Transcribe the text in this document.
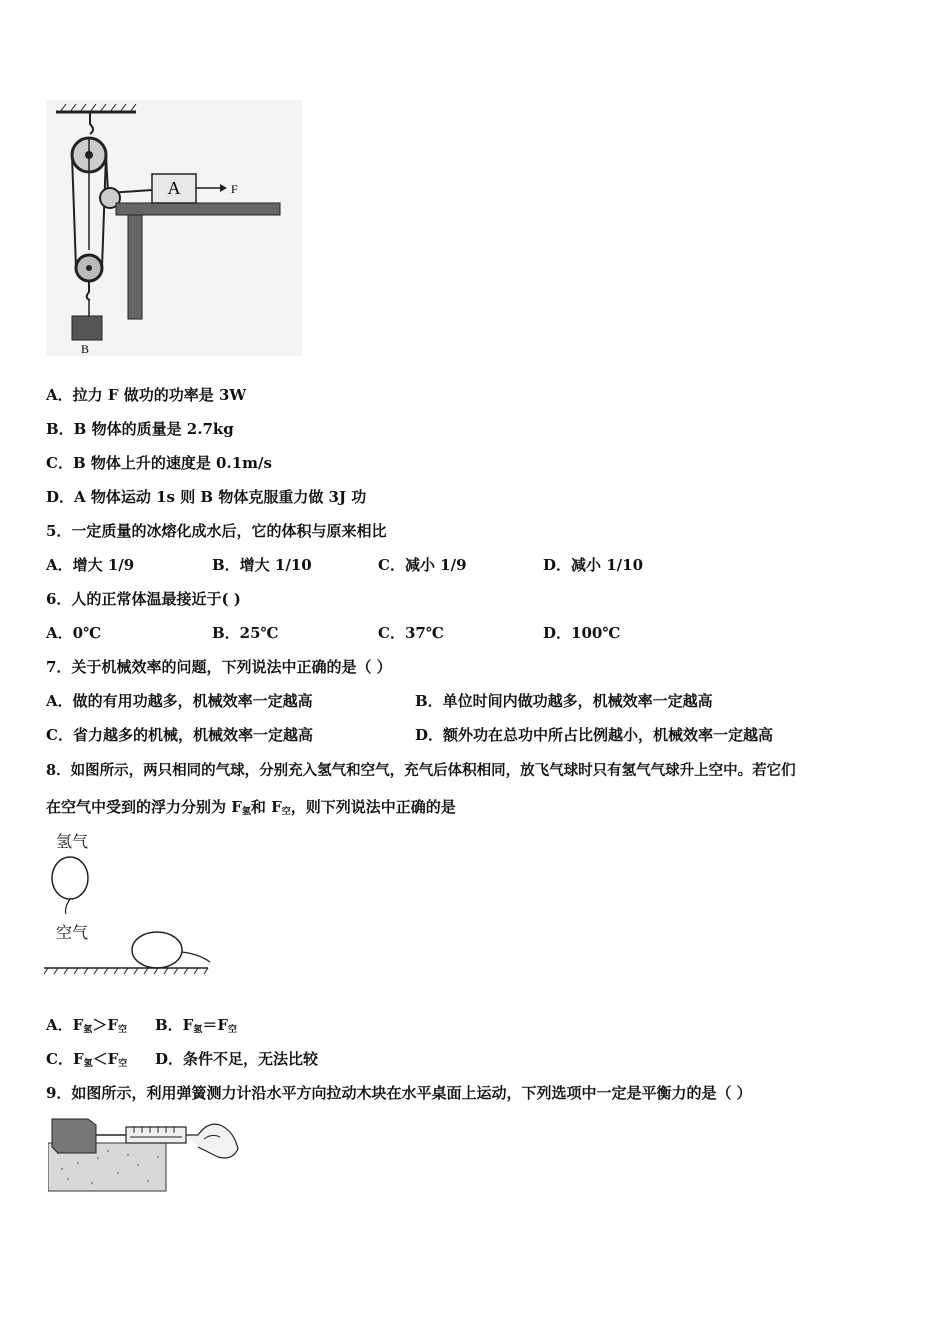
A	F
B
A．拉力 F 做功的功率是 3W
B．B 物体的质量是 2.7kg
C．B 物体上升的速度是 0.1m/s
D．A 物体运动 1s 则 B 物体克服重力做 3J 功
5．一定质量的冰熔化成水后，它的体积与原来相比
A．增大 1/9	B．增大 1/10	C．减小 1/9	D．减小 1/10
6．人的正常体温最接近于( )
A．0℃	B．25℃	C．37℃	D．100℃
7．关于机械效率的问题，下列说法中正确的是（ ）
A．做的有用功越多，机械效率一定越高	B．单位时间内做功越多，机械效率一定越高
C．省力越多的机械，机械效率一定越高	D．额外功在总功中所占比例越小，机械效率一定越高
8．如图所示，两只相同的气球，分别充入氢气和空气，充气后体积相同，放飞气球时只有氢气气球升上空中。若它们
在空气中受到的浮力分别为 $F_氢$和 $F_空$，则下列说法中正确的是
氢气
空气
A．$F_氢>F_空$ B．$F_氢=F_空$
C．$F_氢<F_空$ D．条件不足，无法比较
9．如图所示，利用弹簧测力计沿水平方向拉动木块在水平桌面上运动，下列选项中一定是平衡力的是（ ）
